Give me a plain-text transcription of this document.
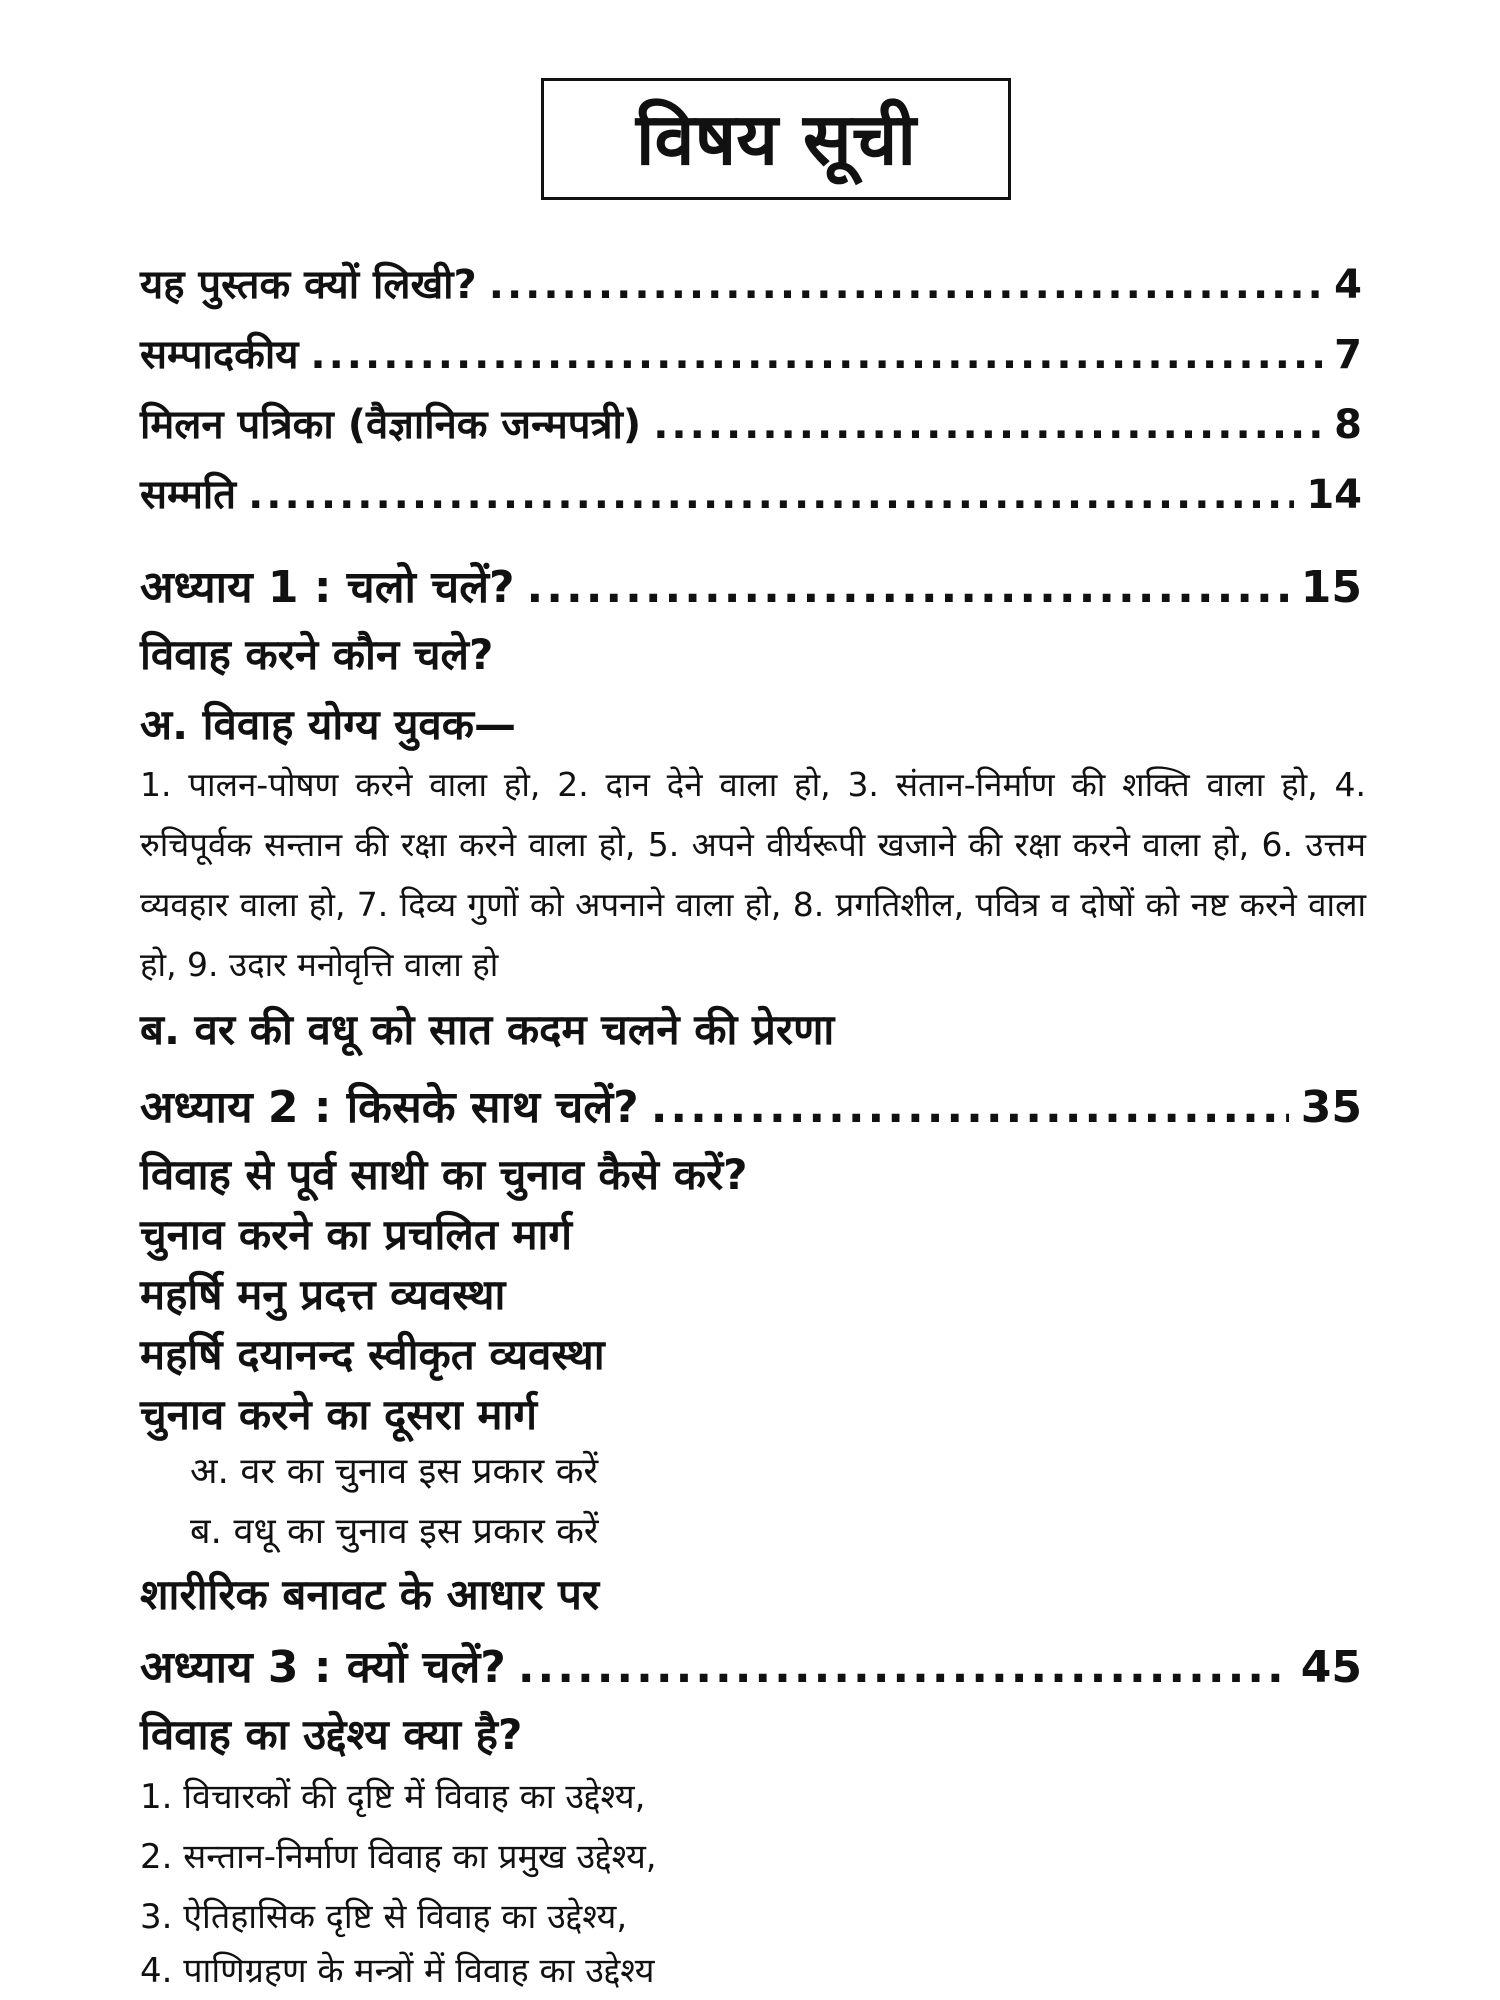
विषय सूची
यह पुस्तक क्यों लिखी? .....	4
सम्पादकीय .....	7
मिलन पत्रिका (वैज्ञानिक जन्मपत्री) .....	8
सम्मति .....	14
अध्याय 1 : चलो चलें? .....	15
विवाह करने कौन चले?
अ. विवाह योग्य युवक—
1. पालन-पोषण करने वाला हो, 2. दान देने वाला हो, 3. संतान-निर्माण की शक्ति वाला हो, 4. रुचिपूर्वक सन्तान की रक्षा करने वाला हो, 5. अपने वीर्यरूपी खजाने की रक्षा करने वाला हो, 6. उत्तम व्यवहार वाला हो, 7. दिव्य गुणों को अपनाने वाला हो, 8. प्रगतिशील, पवित्र व दोषों को नष्ट करने वाला हो, 9. उदार मनोवृत्ति वाला हो
ब. वर की वधू को सात कदम चलने की प्रेरणा
अध्याय 2 : किसके साथ चलें? .....	35
विवाह से पूर्व साथी का चुनाव कैसे करें?
चुनाव करने का प्रचलित मार्ग
महर्षि मनु प्रदत्त व्यवस्था
महर्षि दयानन्द स्वीकृत व्यवस्था
चुनाव करने का दूसरा मार्ग
अ. वर का चुनाव इस प्रकार करें
ब. वधू का चुनाव इस प्रकार करें
शारीरिक बनावट के आधार पर
अध्याय 3 : क्यों चलें? .....	45
विवाह का उद्देश्य क्या है?
1. विचारकों की दृष्टि में विवाह का उद्देश्य,
2. सन्तान-निर्माण विवाह का प्रमुख उद्देश्य,
3. ऐतिहासिक दृष्टि से विवाह का उद्देश्य,
4. पाणिग्रहण के मन्त्रों में विवाह का उद्देश्य
